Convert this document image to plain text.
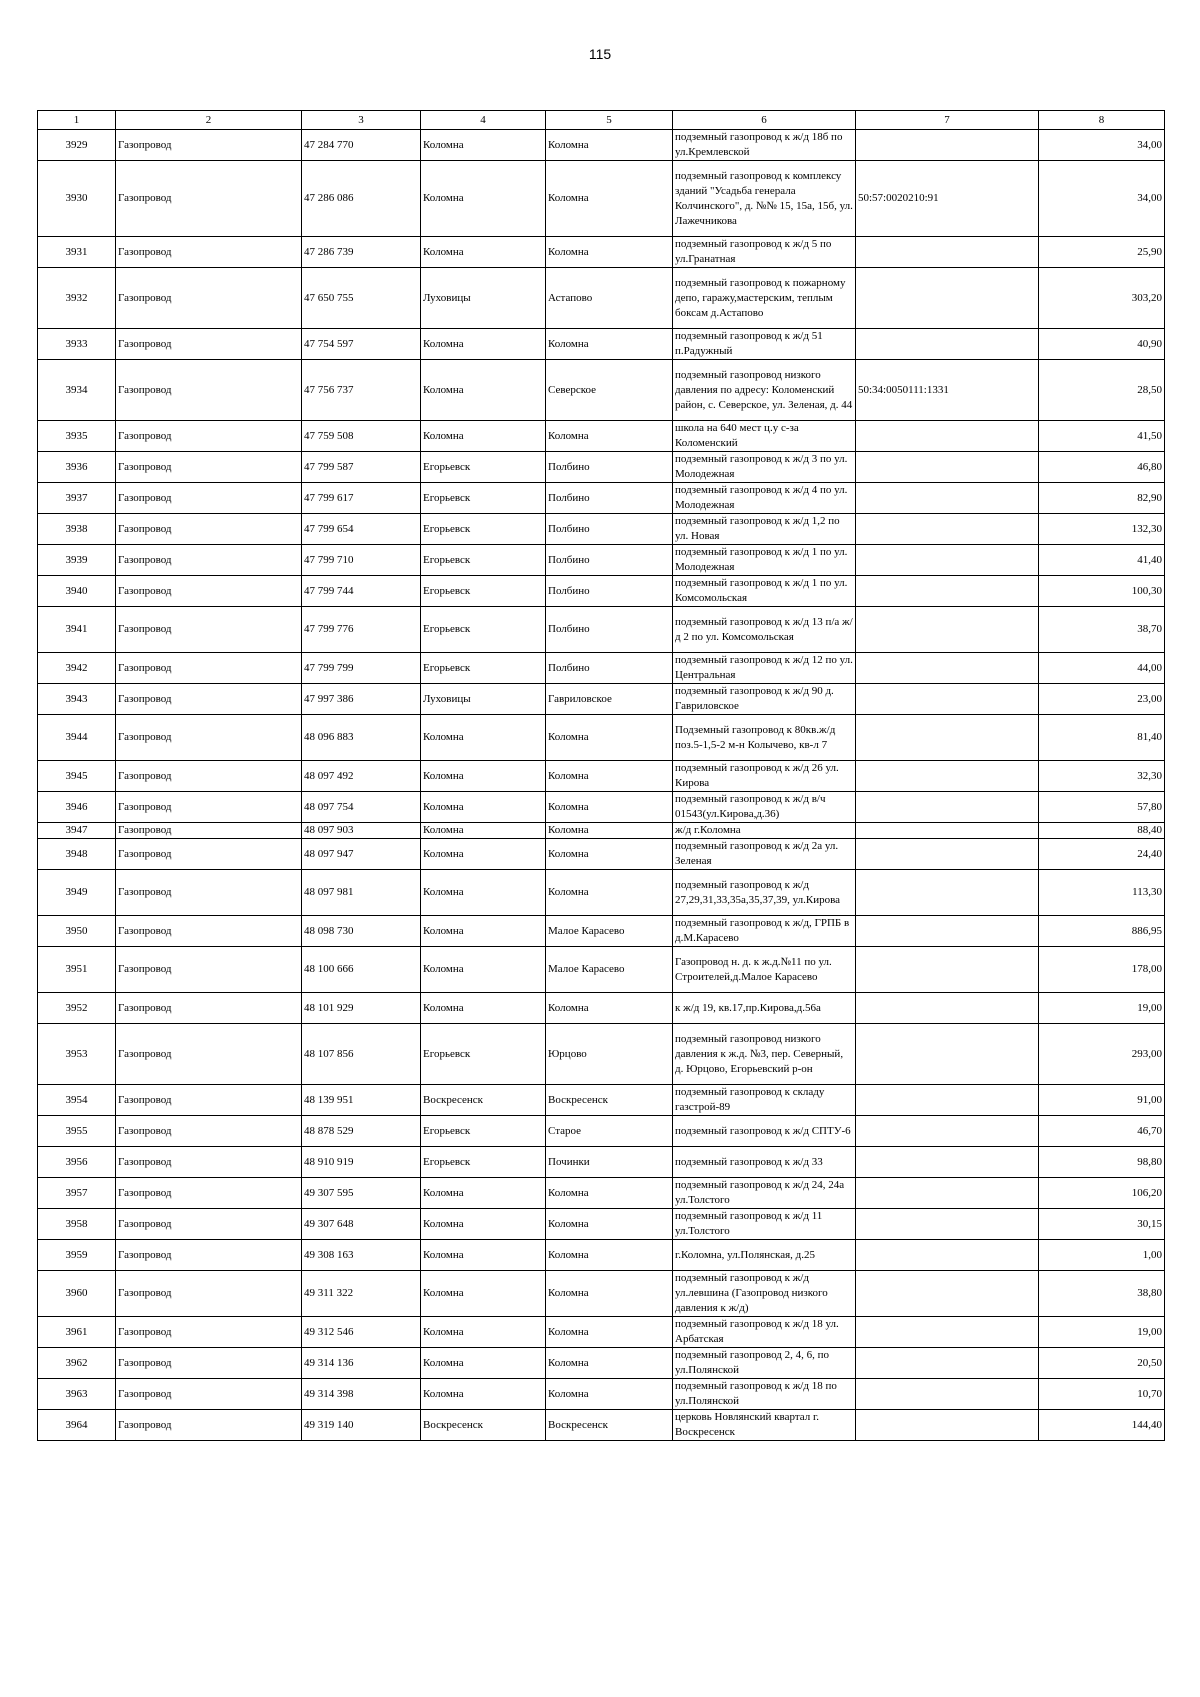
115
1	2	3	4	5	6	7	8
3929	Газопровод	47 284 770	Коломна	Коломна	подземный газопровод к ж/д 18б по ул.Кремлевской		34,00
3930	Газопровод	47 286 086	Коломна	Коломна	подземный газопровод к комплексу зданий "Усадьба генерала Колчинского", д. №№ 15, 15а, 15б, ул. Лажечникова	50:57:0020210:91	34,00
3931	Газопровод	47 286 739	Коломна	Коломна	подземный газопровод к ж/д 5 по ул.Гранатная		25,90
3932	Газопровод	47 650 755	Луховицы	Астапово	подземный газопровод к пожарному депо, гаражу,мастерским, теплым боксам д.Астапово		303,20
3933	Газопровод	47 754 597	Коломна	Коломна	подземный газопровод к ж/д 51 п.Радужный		40,90
3934	Газопровод	47 756 737	Коломна	Северское	подземный газопровод низкого давления по адресу: Коломенский район, с. Северское, ул. Зеленая, д. 44	50:34:0050111:1331	28,50
3935	Газопровод	47 759 508	Коломна	Коломна	школа на 640 мест ц.у с-за Коломенский		41,50
3936	Газопровод	47 799 587	Егорьевск	Полбино	подземный газопровод к ж/д 3 по ул. Молодежная		46,80
3937	Газопровод	47 799 617	Егорьевск	Полбино	подземный газопровод к ж/д 4 по ул. Молодежная		82,90
3938	Газопровод	47 799 654	Егорьевск	Полбино	подземный газопровод к ж/д 1,2 по ул. Новая		132,30
3939	Газопровод	47 799 710	Егорьевск	Полбино	подземный газопровод к ж/д 1 по ул. Молодежная		41,40
3940	Газопровод	47 799 744	Егорьевск	Полбино	подземный газопровод к ж/д 1 по ул. Комсомольская		100,30
3941	Газопровод	47 799 776	Егорьевск	Полбино	подземный газопровод к ж/д 13 п/а ж/д 2 по ул. Комсомольская		38,70
3942	Газопровод	47 799 799	Егорьевск	Полбино	подземный газопровод к ж/д 12 по ул. Центральная		44,00
3943	Газопровод	47 997 386	Луховицы	Гавриловское	подземный газопровод к ж/д 90 д. Гавриловское		23,00
3944	Газопровод	48 096 883	Коломна	Коломна	Подземный газопровод к 80кв.ж/д поз.5-1,5-2 м-н Колычево, кв-л 7		81,40
3945	Газопровод	48 097 492	Коломна	Коломна	подземный газопровод к ж/д 26 ул. Кирова		32,30
3946	Газопровод	48 097 754	Коломна	Коломна	подземный газопровод к ж/д в/ч 01543(ул.Кирова,д.36)		57,80
3947	Газопровод	48 097 903	Коломна	Коломна	ж/д г.Коломна		88,40
3948	Газопровод	48 097 947	Коломна	Коломна	подземный газопровод к ж/д 2а ул. Зеленая		24,40
3949	Газопровод	48 097 981	Коломна	Коломна	подземный газопровод к ж/д 27,29,31,33,35а,35,37,39, ул.Кирова		113,30
3950	Газопровод	48 098 730	Коломна	Малое Карасево	подземный газопровод к ж/д, ГРПБ в д.М.Карасево		886,95
3951	Газопровод	48 100 666	Коломна	Малое Карасево	Газопровод н. д. к ж.д.№11 по ул. Строителей,д.Малое Карасево		178,00
3952	Газопровод	48 101 929	Коломна	Коломна	к ж/д 19, кв.17,пр.Кирова,д.56а		19,00
3953	Газопровод	48 107 856	Егорьевск	Юрцово	подземный газопровод низкого давления к ж.д. №3, пер. Северный, д. Юрцово, Егорьевский р-он		293,00
3954	Газопровод	48 139 951	Воскресенск	Воскресенск	подземный газопровод к складу газстрой-89		91,00
3955	Газопровод	48 878 529	Егорьевск	Старое	подземный газопровод к ж/д СПТУ-6		46,70
3956	Газопровод	48 910 919	Егорьевск	Починки	подземный газопровод к ж/д 33		98,80
3957	Газопровод	49 307 595	Коломна	Коломна	подземный газопровод к ж/д 24, 24а ул.Толстого		106,20
3958	Газопровод	49 307 648	Коломна	Коломна	подземный газопровод к ж/д 11 ул.Толстого		30,15
3959	Газопровод	49 308 163	Коломна	Коломна	г.Коломна, ул.Полянская, д.25		1,00
3960	Газопровод	49 311 322	Коломна	Коломна	подземный газопровод к ж/д ул.левшина (Газопровод низкого давления к ж/д)		38,80
3961	Газопровод	49 312 546	Коломна	Коломна	подземный газопровод к ж/д 18 ул. Арбатская		19,00
3962	Газопровод	49 314 136	Коломна	Коломна	подземный газопровод 2, 4, 6, по ул.Полянской		20,50
3963	Газопровод	49 314 398	Коломна	Коломна	подземный газопровод к ж/д 18 по ул.Полянской		10,70
3964	Газопровод	49 319 140	Воскресенск	Воскресенск	церковь Новлянский квартал г. Воскресенск		144,40
